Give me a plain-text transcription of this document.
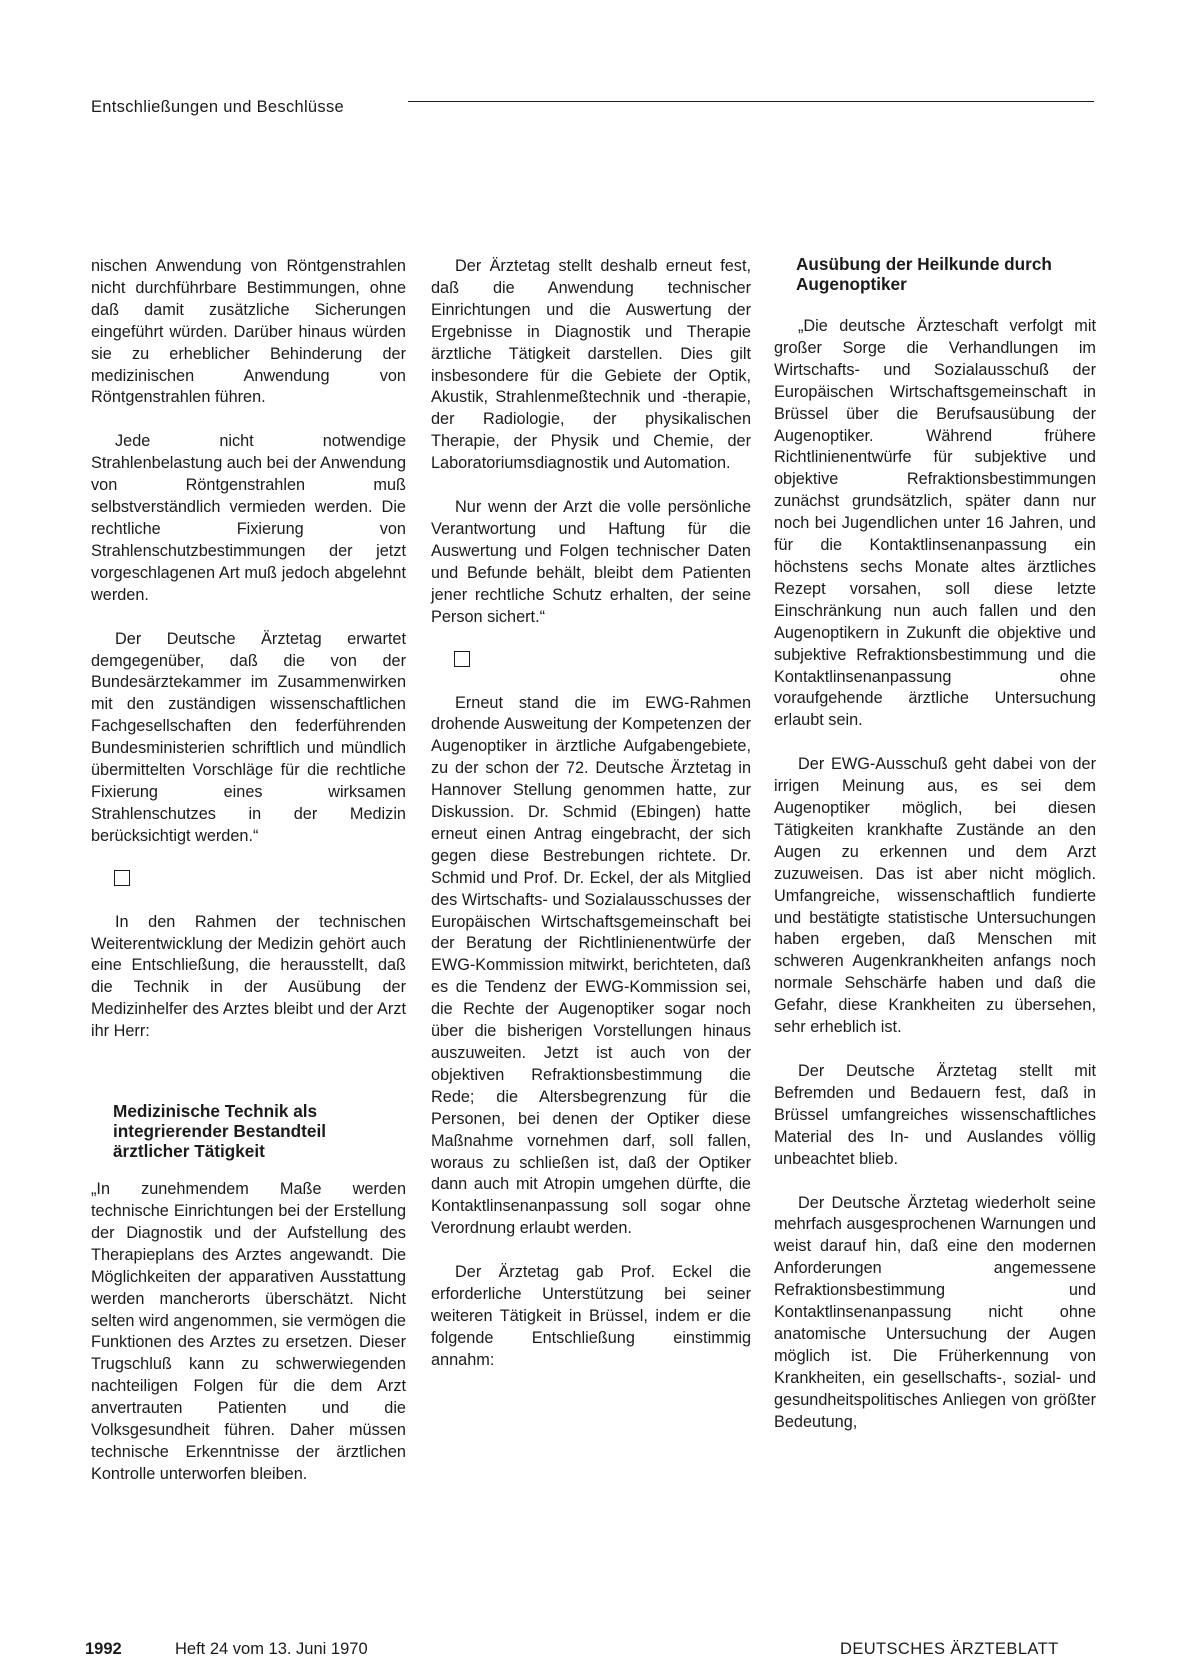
Entschließungen und Beschlüsse

nischen Anwendung von Röntgenstrahlen nicht durchführbare Bestimmungen, ohne daß damit zusätzliche Sicherungen eingeführt würden. Darüber hinaus würden sie zu erheblicher Behinderung der medizinischen Anwendung von Röntgenstrahlen führen.

Jede nicht notwendige Strahlenbelastung auch bei der Anwendung von Röntgenstrahlen muß selbstverständlich vermieden werden. Die rechtliche Fixierung von Strahlenschutzbestimmungen der jetzt vorgeschlagenen Art muß jedoch abgelehnt werden.

Der Deutsche Ärztetag erwartet demgegenüber, daß die von der Bundesärztekammer im Zusammenwirken mit den zuständigen wissenschaftlichen Fachgesellschaften den federführenden Bundesministerien schriftlich und mündlich übermittelten Vorschläge für die rechtliche Fixierung eines wirksamen Strahlenschutzes in der Medizin berücksichtigt werden.“

In den Rahmen der technischen Weiterentwicklung der Medizin gehört auch eine Entschließung, die herausstellt, daß die Technik in der Ausübung der Medizinhelfer des Arztes bleibt und der Arzt ihr Herr:

Medizinische Technik als integrierender Bestandteil ärztlicher Tätigkeit

„In zunehmendem Maße werden technische Einrichtungen bei der Erstellung der Diagnostik und der Aufstellung des Therapieplans des Arztes angewandt. Die Möglichkeiten der apparativen Ausstattung werden mancherorts überschätzt. Nicht selten wird angenommen, sie vermögen die Funktionen des Arztes zu ersetzen. Dieser Trugschluß kann zu schwerwiegenden nachteiligen Folgen für die dem Arzt anvertrauten Patienten und die Volksgesundheit führen. Daher müssen technische Erkenntnisse der ärztlichen Kontrolle unterworfen bleiben.

Der Ärztetag stellt deshalb erneut fest, daß die Anwendung technischer Einrichtungen und die Auswertung der Ergebnisse in Diagnostik und Therapie ärztliche Tätigkeit darstellen. Dies gilt insbesondere für die Gebiete der Optik, Akustik, Strahlenmeßtechnik und -therapie, der Radiologie, der physikalischen Therapie, der Physik und Chemie, der Laboratoriumsdiagnostik und Automation.

Nur wenn der Arzt die volle persönliche Verantwortung und Haftung für die Auswertung und Folgen technischer Daten und Befunde behält, bleibt dem Patienten jener rechtliche Schutz erhalten, der seine Person sichert.“

Erneut stand die im EWG-Rahmen drohende Ausweitung der Kompetenzen der Augenoptiker in ärztliche Aufgabengebiete, zu der schon der 72. Deutsche Ärztetag in Hannover Stellung genommen hatte, zur Diskussion. Dr. Schmid (Ebingen) hatte erneut einen Antrag eingebracht, der sich gegen diese Bestrebungen richtete. Dr. Schmid und Prof. Dr. Eckel, der als Mitglied des Wirtschafts- und Sozialausschusses der Europäischen Wirtschaftsgemeinschaft bei der Beratung der Richtlinienentwürfe der EWG-Kommission mitwirkt, berichteten, daß es die Tendenz der EWG-Kommission sei, die Rechte der Augenoptiker sogar noch über die bisherigen Vorstellungen hinaus auszuweiten. Jetzt ist auch von der objektiven Refraktionsbestimmung die Rede; die Altersbegrenzung für die Personen, bei denen der Optiker diese Maßnahme vornehmen darf, soll fallen, woraus zu schließen ist, daß der Optiker dann auch mit Atropin umgehen dürfte, die Kontaktlinsenanpassung soll sogar ohne Verordnung erlaubt werden.

Der Ärztetag gab Prof. Eckel die erforderliche Unterstützung bei seiner weiteren Tätigkeit in Brüssel, indem er die folgende Entschließung einstimmig annahm:

Ausübung der Heilkunde durch Augenoptiker

„Die deutsche Ärzteschaft verfolgt mit großer Sorge die Verhandlungen im Wirtschafts- und Sozialausschuß der Europäischen Wirtschaftsgemeinschaft in Brüssel über die Berufsausübung der Augenoptiker. Während frühere Richtlinienentwürfe für subjektive und objektive Refraktionsbestimmungen zunächst grundsätzlich, später dann nur noch bei Jugendlichen unter 16 Jahren, und für die Kontaktlinsenanpassung ein höchstens sechs Monate altes ärztliches Rezept vorsahen, soll diese letzte Einschränkung nun auch fallen und den Augenoptikern in Zukunft die objektive und subjektive Refraktionsbestimmung und die Kontaktlinsenanpassung ohne voraufgehende ärztliche Untersuchung erlaubt sein.

Der EWG-Ausschuß geht dabei von der irrigen Meinung aus, es sei dem Augenoptiker möglich, bei diesen Tätigkeiten krankhafte Zustände an den Augen zu erkennen und dem Arzt zuzuweisen. Das ist aber nicht möglich. Umfangreiche, wissenschaftlich fundierte und bestätigte statistische Untersuchungen haben ergeben, daß Menschen mit schweren Augenkrankheiten anfangs noch normale Sehschärfe haben und daß die Gefahr, diese Krankheiten zu übersehen, sehr erheblich ist.

Der Deutsche Ärztetag stellt mit Befremden und Bedauern fest, daß in Brüssel umfangreiches wissenschaftliches Material des In- und Auslandes völlig unbeachtet blieb.

Der Deutsche Ärztetag wiederholt seine mehrfach ausgesprochenen Warnungen und weist darauf hin, daß eine den modernen Anforderungen angemessene Refraktionsbestimmung und Kontaktlinsenanpassung nicht ohne anatomische Untersuchung der Augen möglich ist. Die Früherkennung von Krankheiten, ein gesellschafts-, sozial- und gesundheitspolitisches Anliegen von größter Bedeutung,

1992	Heft 24 vom 13. Juni 1970	DEUTSCHES ÄRZTEBLATT
